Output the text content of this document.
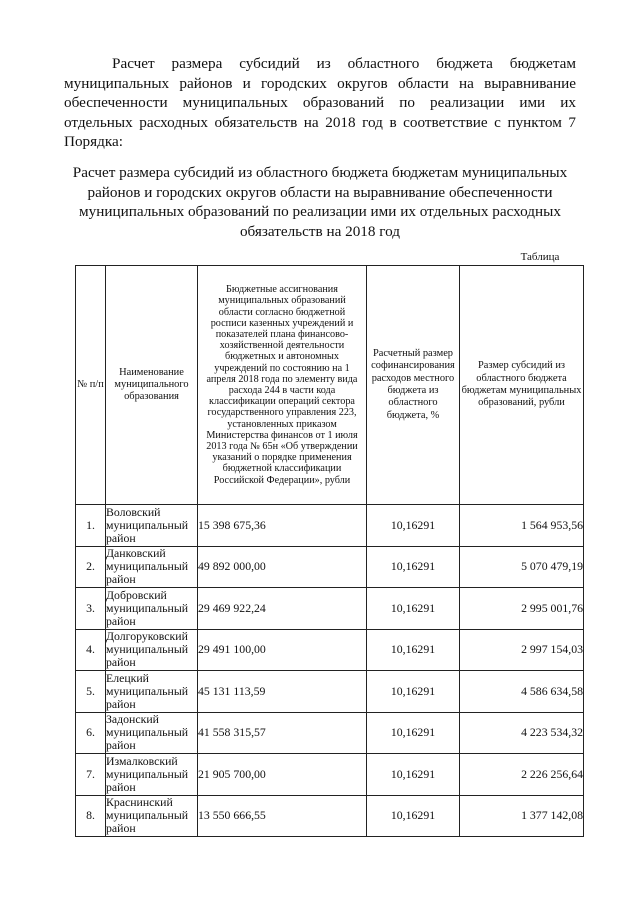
Расчет размера субсидий из областного бюджета бюджетам муниципальных районов и городских округов области на выравнивание обеспеченности муниципальных образований по реализации ими их отдельных расходных обязательств на 2018 год в соответствие с пунктом 7 Порядка:

Расчет размера субсидий из областного бюджета бюджетам муниципальных районов и городских округов области на выравнивание обеспеченности муниципальных образований по реализации ими их отдельных расходных обязательств на 2018 год

Таблица

№ п/п	Наименование муниципального образования	Бюджетные ассигнования муниципальных образований области согласно бюджетной росписи казенных учреждений и показателей плана финансово-хозяйственной деятельности бюджетных и автономных учреждений по состоянию на 1 апреля 2018 года по элементу вида расхода 244 в части кода классификации операций сектора государственного управления 223, установленных приказом Министерства финансов от 1 июля 2013 года № 65н «Об утверждении указаний о порядке применения бюджетной классификации Российской Федерации», рубли	Расчетный размер софинансирования расходов местного бюджета из областного бюджета, %	Размер субсидий из областного бюджета бюджетам муниципальных образований, рубли
1.	Воловский муниципальный район	15 398 675,36	10,16291	1 564 953,56
2.	Данковский муниципальный район	49 892 000,00	10,16291	5 070 479,19
3.	Добровский муниципальный район	29 469 922,24	10,16291	2 995 001,76
4.	Долгоруковский муниципальный район	29 491 100,00	10,16291	2 997 154,03
5.	Елецкий муниципальный район	45 131 113,59	10,16291	4 586 634,58
6.	Задонский муниципальный район	41 558 315,57	10,16291	4 223 534,32
7.	Измалковский муниципальный район	21 905 700,00	10,16291	2 226 256,64
8.	Краснинский муниципальный район	13 550 666,55	10,16291	1 377 142,08
